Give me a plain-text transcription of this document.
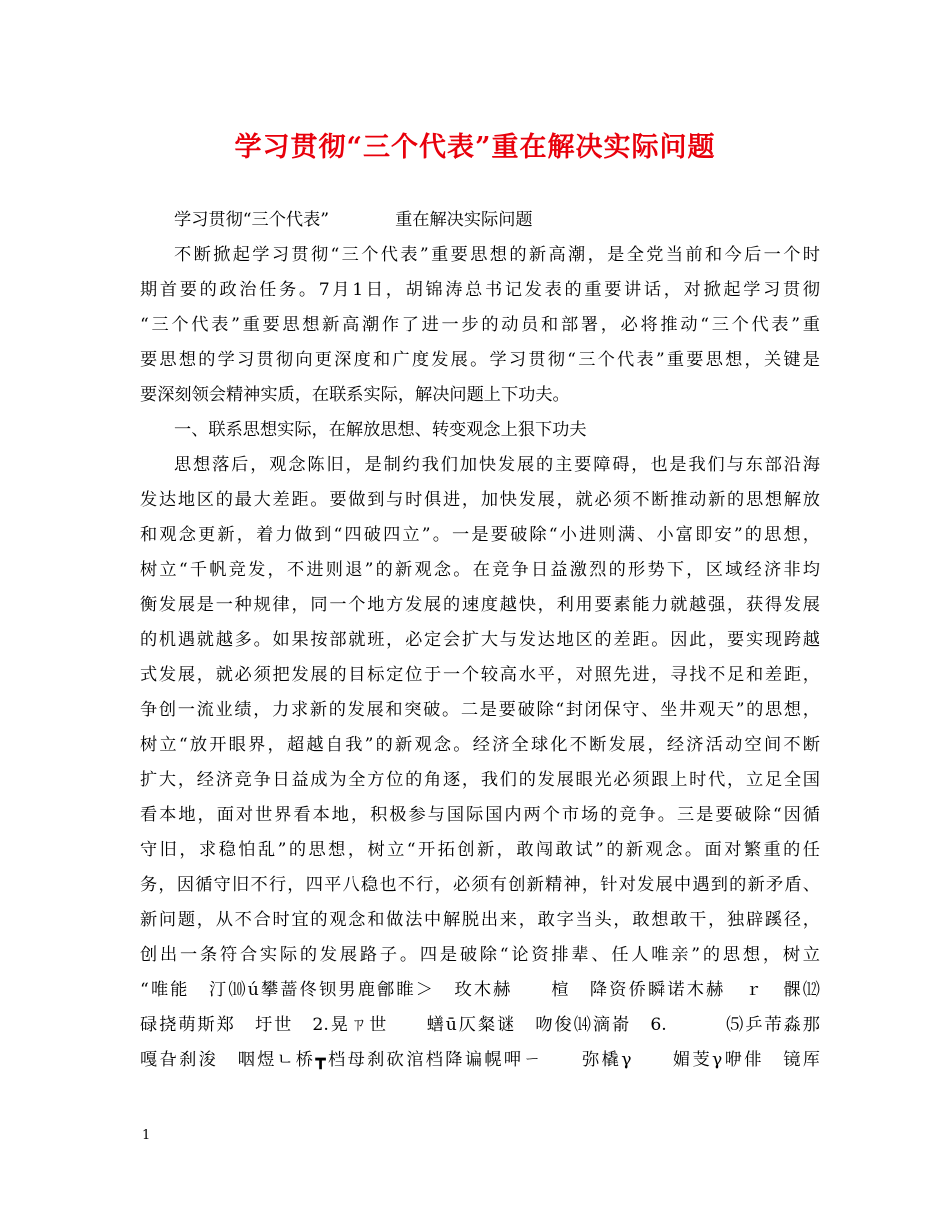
学习贯彻“三个代表”重在解决实际问题
学习贯彻“三个代表”	重在解决实际问题
不断掀起学习贯彻“三个代表”重要思想的新高潮，是全党当前和今后一个时
期首要的政治任务。7月1日，胡锦涛总书记发表的重要讲话，对掀起学习贯彻
“三个代表”重要思想新高潮作了进一步的动员和部署，必将推动“三个代表”重
要思想的学习贯彻向更深度和广度发展。学习贯彻“三个代表”重要思想，关键是
要深刻领会精神实质，在联系实际，解决问题上下功夫。
一、联系思想实际，在解放思想、转变观念上狠下功夫
思想落后，观念陈旧，是制约我们加快发展的主要障碍，也是我们与东部沿海
发达地区的最大差距。要做到与时俱进，加快发展，就必须不断推动新的思想解放
和观念更新，着力做到“四破四立”。一是要破除“小进则满、小富即安”的思想，
树立“千帆竞发，不进则退”的新观念。在竞争日益激烈的形势下，区域经济非均
衡发展是一种规律，同一个地方发展的速度越快，利用要素能力就越强，获得发展
的机遇就越多。如果按部就班，必定会扩大与发达地区的差距。因此，要实现跨越
式发展，就必须把发展的目标定位于一个较高水平，对照先进，寻找不足和差距，
争创一流业绩，力求新的发展和突破。二是要破除“封闭保守、坐井观天”的思想，
树立“放开眼界，超越自我”的新观念。经济全球化不断发展，经济活动空间不断
扩大，经济竞争日益成为全方位的角逐，我们的发展眼光必须跟上时代，立足全国
看本地，面对世界看本地，积极参与国际国内两个市场的竞争。三是要破除“因循
守旧，求稳怕乱”的思想，树立“开拓创新，敢闯敢试”的新观念。面对繁重的任
务，因循守旧不行，四平八稳也不行，必须有创新精神，针对发展中遇到的新矛盾、
新问题，从不合时宜的观念和做法中解脱出来，敢字当头，敢想敢干，独辟蹊径，
创出一条符合实际的发展路子。四是破除“论资排辈、任人唯亲”的思想，树立
“唯能　汀⑽ú攀蔷佟钡男鹿鄶睢＞　玫木赫　　楦　降资侨瞬诺木赫　ｒ　髁⑿
碌挠萌斯郑　圩世　2.晃ㄗ世　　蟮ū仄粲谜　吻俊⒁滴嵛　6.　　　⑸乒芾淼那
嘎旮刹浚　咽煜ㄴ桥┳档母刹砍涫档降谝幌呷ㄧ　　弥橇γ　　媚芰γ咿俳　镜厍
1
